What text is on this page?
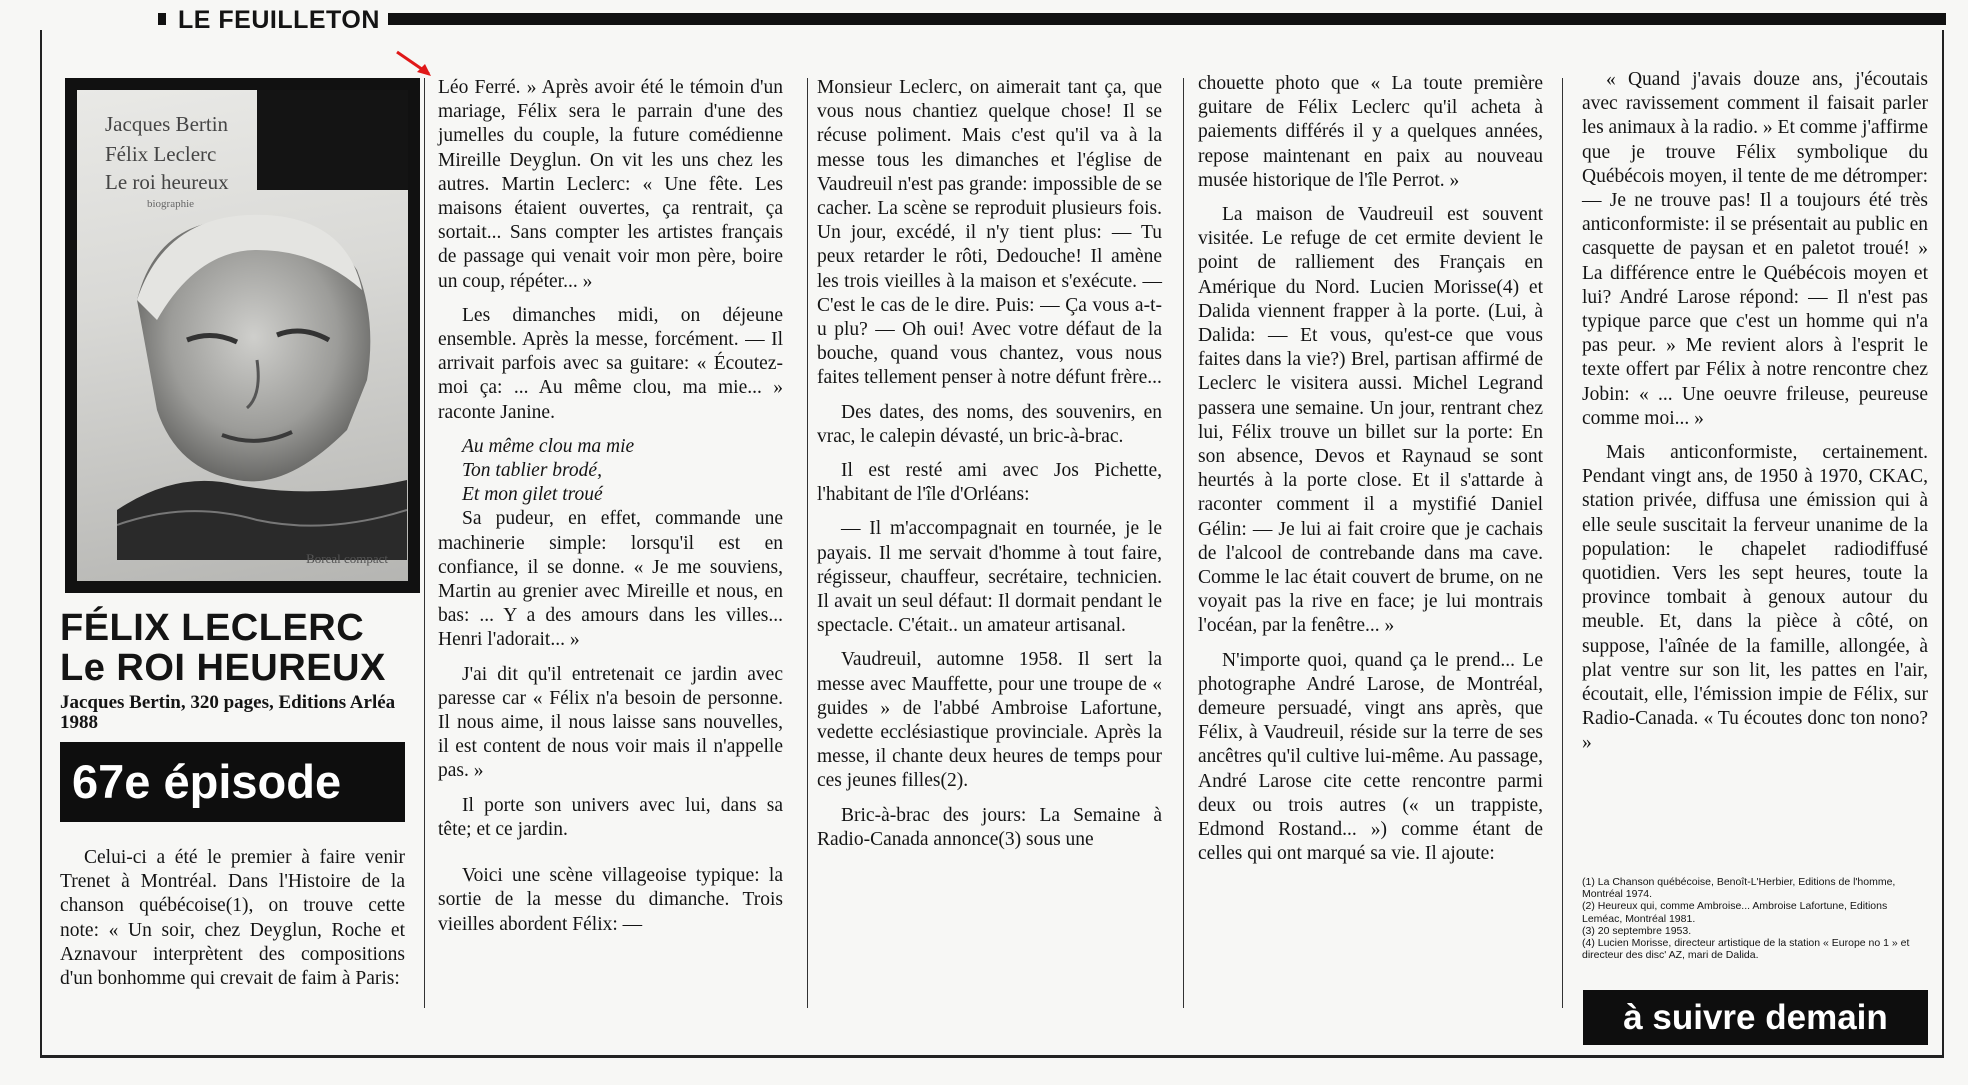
LE FEUILLETON
Jacques Bertin
Félix Leclerc
Le roi heureux
biographie
Boreal compact
FÉLIX LECLERC
Le ROI HEUREUX
Jacques Bertin, 320 pages, Editions Arléa 1988
67e épisode

Celui-ci a été le premier à faire venir Trenet à Montréal. Dans l'Histoire de la chanson québécoise(1), on trouve cette note: « Un soir, chez Deyglun, Roche et Aznavour interprètent des compositions d'un bonhomme qui crevait de faim à Paris:

Léo Ferré. » Après avoir été le témoin d'un mariage, Félix sera le parrain d'une des jumelles du couple, la future comédienne Mireille Deyglun. On vit les uns chez les autres. Martin Leclerc: « Une fête. Les maisons étaient ouvertes, ça rentrait, ça sortait... Sans compter les artistes français de passage qui venait voir mon père, boire un coup, répéter... »

Les dimanches midi, on déjeune ensemble. Après la messe, forcément. — Il arrivait parfois avec sa guitare: « Écoutez-moi ça: ... Au même clou, ma mie... » raconte Janine.

Au même clou ma mie

Ton tablier brodé,

Et mon gilet troué

Sa pudeur, en effet, commande une machinerie simple: lorsqu'il est en confiance, il se donne. « Je me souviens, Martin au grenier avec Mireille et nous, en bas: ... Y a des amours dans les villes... Henri l'adorait... »

J'ai dit qu'il entretenait ce jardin avec paresse car « Félix n'a besoin de personne. Il nous aime, il nous laisse sans nouvelles, il est content de nous voir mais il n'appelle pas. »

Il porte son univers avec lui, dans sa tête; et ce jardin.

Voici une scène villageoise typique: la sortie de la messe du dimanche. Trois vieilles abordent Félix: —

Monsieur Leclerc, on aimerait tant ça, que vous nous chantiez quelque chose! Il se récuse poliment. Mais c'est qu'il va à la messe tous les dimanches et l'église de Vaudreuil n'est pas grande: impossible de se cacher. La scène se reproduit plusieurs fois. Un jour, excédé, il n'y tient plus: — Tu peux retarder le rôti, Dedouche! Il amène les trois vieilles à la maison et s'exécute. — C'est le cas de le dire. Puis: — Ça vous a-t-u plu? — Oh oui! Avec votre défaut de la bouche, quand vous chantez, vous nous faites tellement penser à notre défunt frère...

Des dates, des noms, des souvenirs, en vrac, le calepin dévasté, un bric-à-brac.

Il est resté ami avec Jos Pichette, l'habitant de l'île d'Orléans:

— Il m'accompagnait en tournée, je le payais. Il me servait d'homme à tout faire, régisseur, chauffeur, secrétaire, technicien. Il avait un seul défaut: Il dormait pendant le spectacle. C'était.. un amateur artisanal.

Vaudreuil, automne 1958. Il sert la messe avec Mauffette, pour une troupe de « guides » de l'abbé Ambroise Lafortune, vedette ecclésiastique provinciale. Après la messe, il chante deux heures de temps pour ces jeunes filles(2).

Bric-à-brac des jours: La Semaine à Radio-Canada annonce(3) sous une

chouette photo que « La toute première guitare de Félix Leclerc qu'il acheta à paiements différés il y a quelques années, repose maintenant en paix au nouveau musée historique de l'île Perrot. »

La maison de Vaudreuil est souvent visitée. Le refuge de cet ermite devient le point de ralliement des Français en Amérique du Nord. Lucien Morisse(4) et Dalida viennent frapper à la porte. (Lui, à Dalida: — Et vous, qu'est-ce que vous faites dans la vie?) Brel, partisan affirmé de Leclerc le visitera aussi. Michel Legrand passera une semaine. Un jour, rentrant chez lui, Félix trouve un billet sur la porte: En son absence, Devos et Raynaud se sont heurtés à la porte close. Et il s'attarde à raconter comment il a mystifié Daniel Gélin: — Je lui ai fait croire que je cachais de l'alcool de contrebande dans ma cave. Comme le lac était couvert de brume, on ne voyait pas la rive en face; je lui montrais l'océan, par la fenêtre... »

N'importe quoi, quand ça le prend... Le photographe André Larose, de Montréal, demeure persuadé, vingt ans après, que Félix, à Vaudreuil, réside sur la terre de ses ancêtres qu'il cultive lui-même. Au passage, André Larose cite cette rencontre parmi deux ou trois autres (« un trappiste, Edmond Rostand... ») comme étant de celles qui ont marqué sa vie. Il ajoute:

« Quand j'avais douze ans, j'écoutais avec ravissement comment il faisait parler les animaux à la radio. » Et comme j'affirme que je trouve Félix symbolique du Québécois moyen, il tente de me détromper: — Je ne trouve pas! Il a toujours été très anticonformiste: il se présentait au public en casquette de paysan et en paletot troué! » La différence entre le Québécois moyen et lui? André Larose répond: — Il n'est pas typique parce que c'est un homme qui n'a pas peur. » Me revient alors à l'esprit le texte offert par Félix à notre rencontre chez Jobin: « ... Une oeuvre frileuse, peureuse comme moi... »

Mais anticonformiste, certainement. Pendant vingt ans, de 1950 à 1970, CKAC, station privée, diffusa une émission qui à elle seule suscitait la ferveur unanime de la population: le chapelet radiodiffusé quotidien. Vers les sept heures, toute la province tombait à genoux autour du meuble. Et, dans la pièce à côté, on suppose, l'aînée de la famille, allongée, à plat ventre sur son lit, les pattes en l'air, écoutait, elle, l'émission impie de Félix, sur Radio-Canada. « Tu écoutes donc ton nono? »

(1) La Chanson québécoise, Benoît-L'Herbier, Editions de l'homme, Montréal 1974.

(2) Heureux qui, comme Ambroise... Ambroise Lafortune, Editions Leméac, Montréal 1981.

(3) 20 septembre 1953.

(4) Lucien Morisse, directeur artistique de la station « Europe no 1 » et directeur des disc' AZ, mari de Dalida.

à suivre demain
